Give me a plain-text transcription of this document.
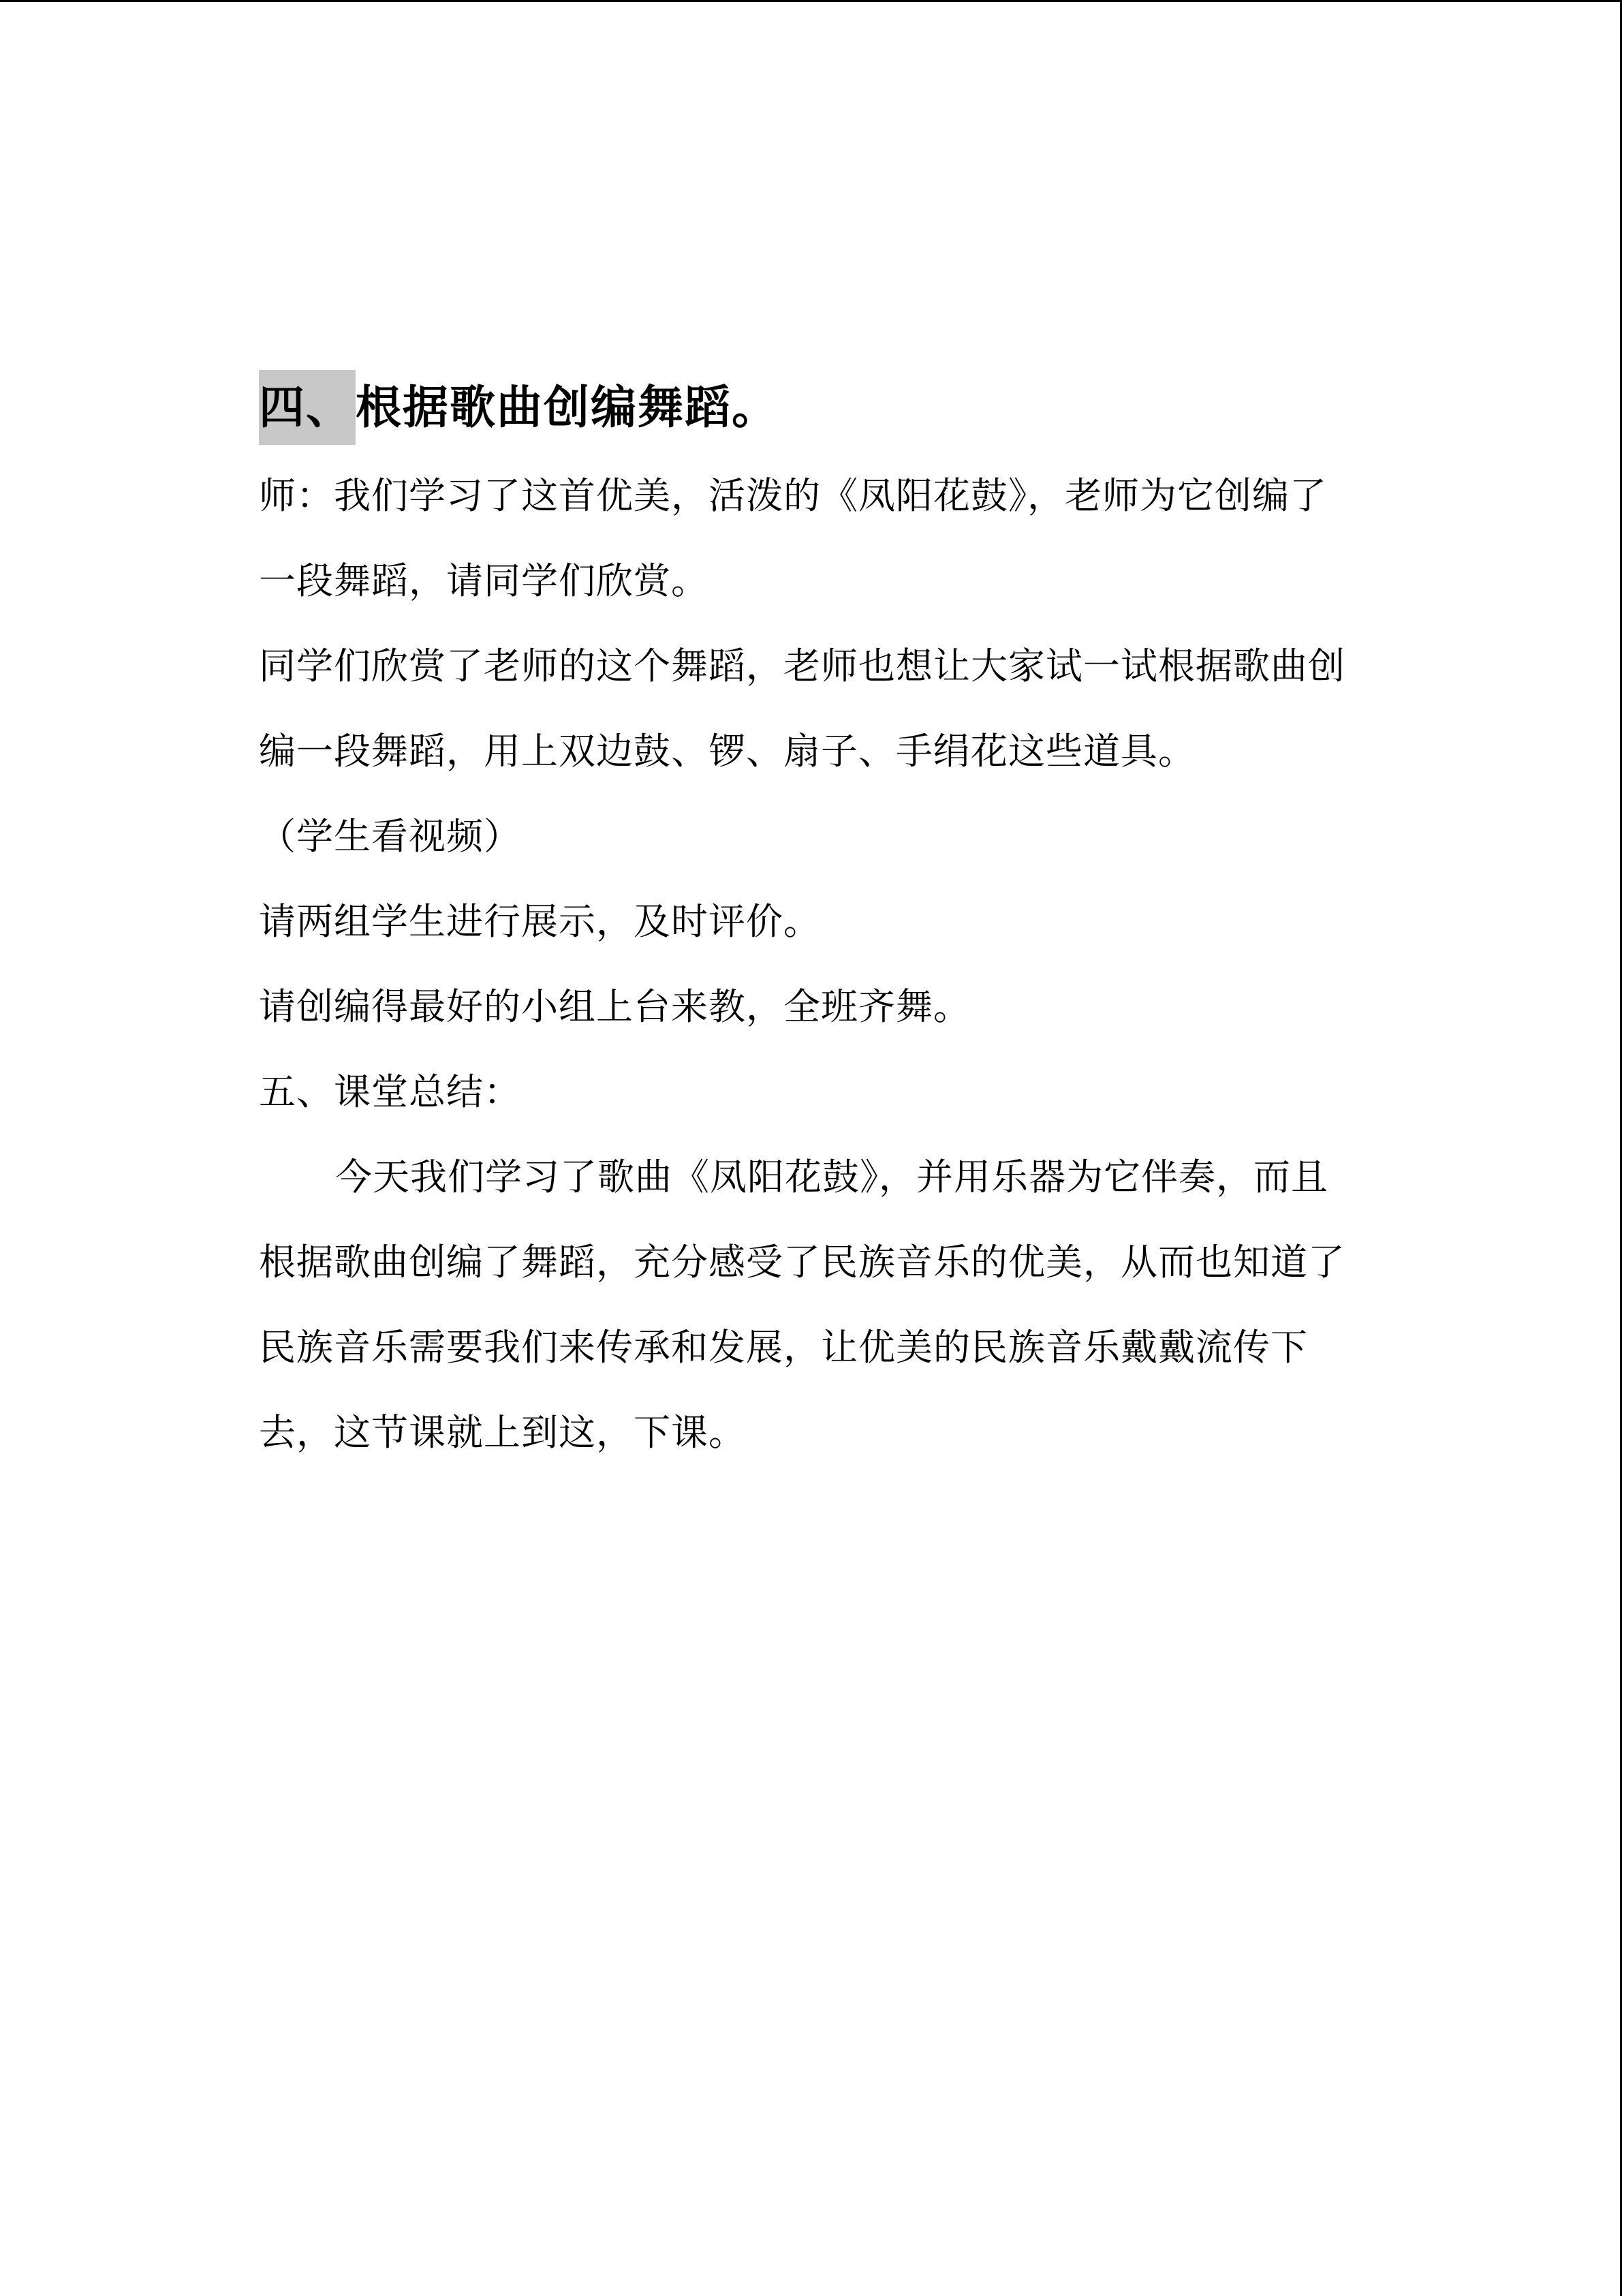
四、 根据歌曲创编舞蹈。
师：我们学习了这首优美，活泼的《凤阳花鼓》，老师为它创编了
一段舞蹈，请同学们欣赏。
同学们欣赏了老师的这个舞蹈，老师也想让大家试一试根据歌曲创
编一段舞蹈，用上双边鼓、锣、扇子、手绢花这些道具。
（学生看视频）
请两组学生进行展示，及时评价。
请创编得最好的小组上台来教，全班齐舞。
五、课堂总结：
今天我们学习了歌曲《凤阳花鼓》，并用乐器为它伴奏，而且
根据歌曲创编了舞蹈，充分感受了民族音乐的优美，从而也知道了
民族音乐需要我们来传承和发展，让优美的民族音乐戴戴流传下
去，这节课就上到这，下课。
